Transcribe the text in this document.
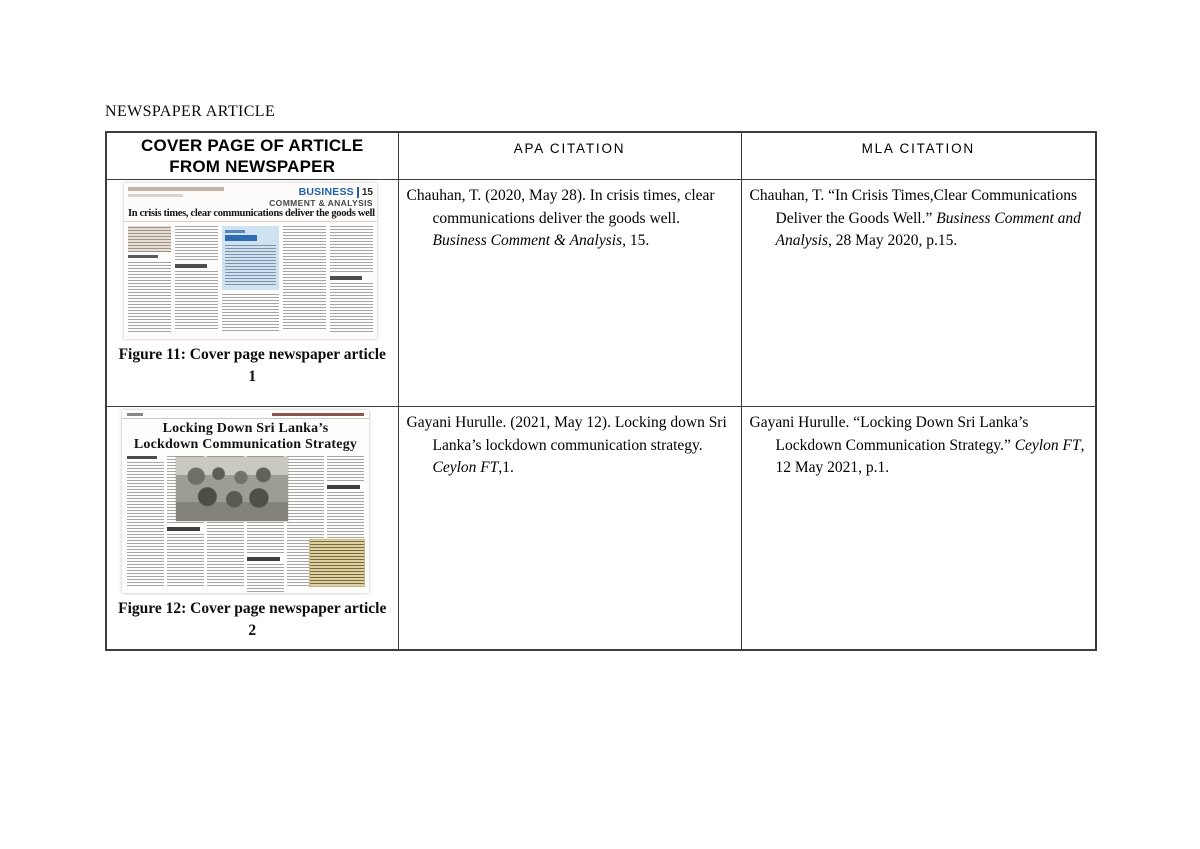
NEWSPAPER ARTICLE
COVER PAGE OF ARTICLE FROM NEWSPAPER	APA CITATION	MLA CITATION

BUSINESS 15
COMMENT & ANALYSIS
In crisis times, clear communications deliver the goods well
Figure 11: Cover page newspaper article 1	Chauhan, T. (2020, May 28). In crisis times, clear communications deliver the goods well. Business Comment & Analysis, 15.	Chauhan, T. “In Crisis Times,Clear Communications Deliver the Goods Well.” Business Comment and Analysis, 28 May 2020, p.15.

Locking Down Sri Lanka’s
Lockdown Communication Strategy
Figure 12: Cover page newspaper article 2	Gayani Hurulle. (2021, May 12). Locking down Sri Lanka’s lockdown communication strategy. Ceylon FT,1.	Gayani Hurulle. “Locking Down Sri Lanka’s Lockdown Communication Strategy.” Ceylon FT, 12 May 2021, p.1.
